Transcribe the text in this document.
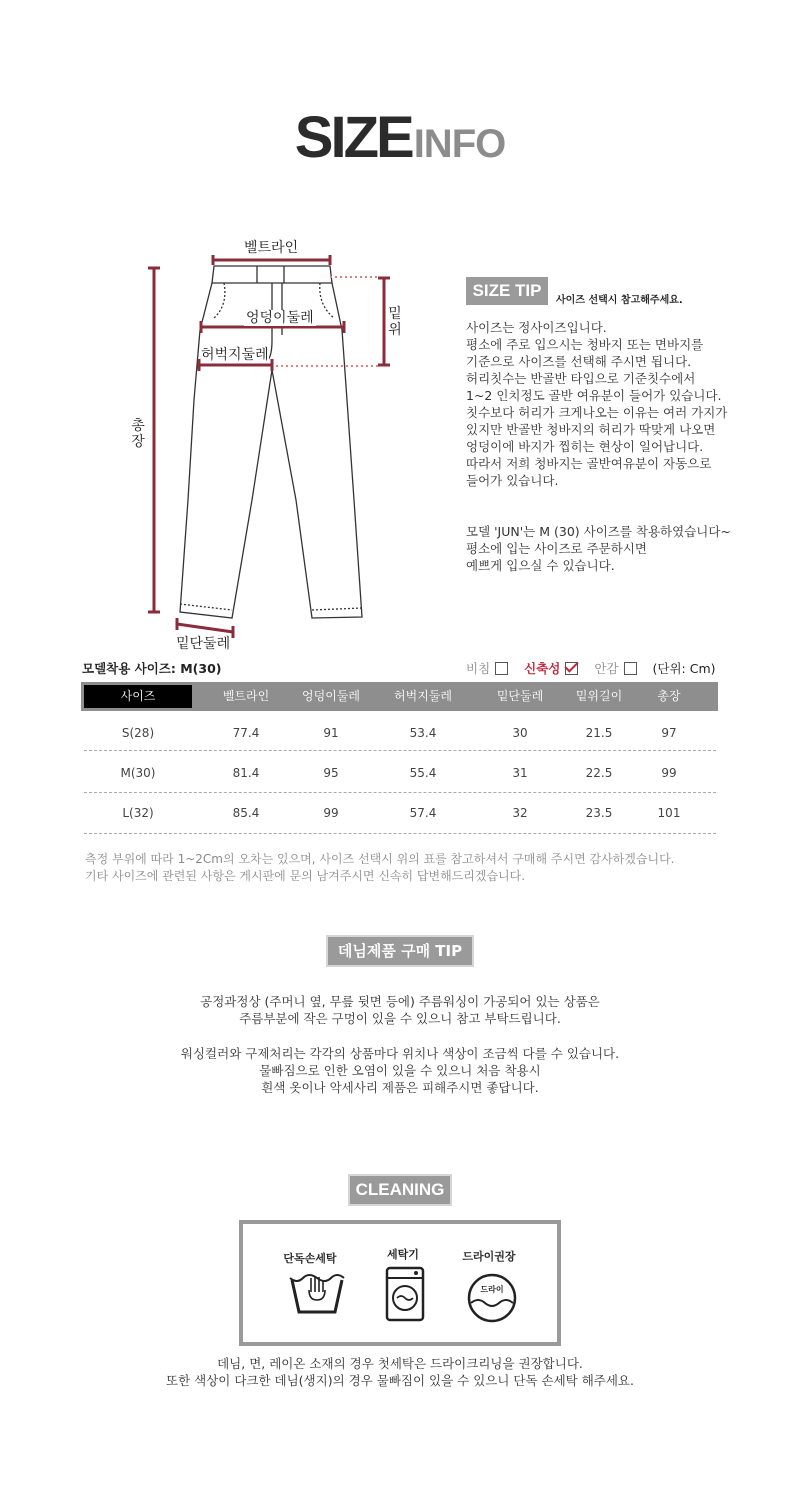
SIZEINFO
벨트라인
엉덩이둘레
허벅지둘레
밑단둘레
총
장
밑
위
SIZE TIP
사이즈 선택시 참고해주세요.

사이즈는 정사이즈입니다.

평소에 주로 입으시는 청바지 또는 면바지를

기준으로 사이즈를 선택해 주시면 됩니다.

허리칫수는 반골반 타입으로 기준칫수에서

1~2 인치정도 골반 여유분이 들어가 있습니다.

칫수보다 허리가 크게나오는 이유는 여러 가지가

있지만 반골반 청바지의 허리가 딱맞게 나오면

엉덩이에 바지가 찝히는 현상이 일어납니다.

따라서 저희 청바지는 골반여유분이 자동으로

들어가 있습니다.

모델 'JUN'는 M (30) 사이즈를 착용하였습니다~

평소에 입는 사이즈로 주문하시면

예쁘게 입으실 수 있습니다.

모델착용 사이즈: M(30)	비침	신축성	안감	(단위: Cm)
사이즈	벨트라인	엉덩이둘레	허벅지둘레	밑단둘레	밑위길이	총장
S(28)	77.4	91	53.4	30	21.5	97
M(30)	81.4	95	55.4	31	22.5	99
L(32)	85.4	99	57.4	32	23.5	101

측정 부위에 따라 1~2Cm의 오차는 있으며, 사이즈 선택시 위의 표를 참고하셔서 구매해 주시면 감사하겠습니다.

기타 사이즈에 관련된 사항은 게시판에 문의 남겨주시면 신속히 답변해드리겠습니다.

데님제품 구매 TIP

공정과정상 (주머니 옆, 무릎 뒷면 등에) 주름워싱이 가공되어 있는 상품은

주름부분에 작은 구멍이 있을 수 있으니 참고 부탁드립니다.

워싱컬러와 구제처리는 각각의 상품마다 위치나 색상이 조금씩 다를 수 있습니다.

물빠짐으로 인한 오염이 있을 수 있으니 처음 착용시

흰색 옷이나 악세사리 제품은 피해주시면 좋답니다.

CLEANING
단독손세탁	세탁기	드라이권장
드라이

데님, 면, 레이온 소재의 경우 첫세탁은 드라이크리닝을 권장합니다.

또한 색상이 다크한 데님(생지)의 경우 물빠짐이 있을 수 있으니 단독 손세탁 해주세요.
